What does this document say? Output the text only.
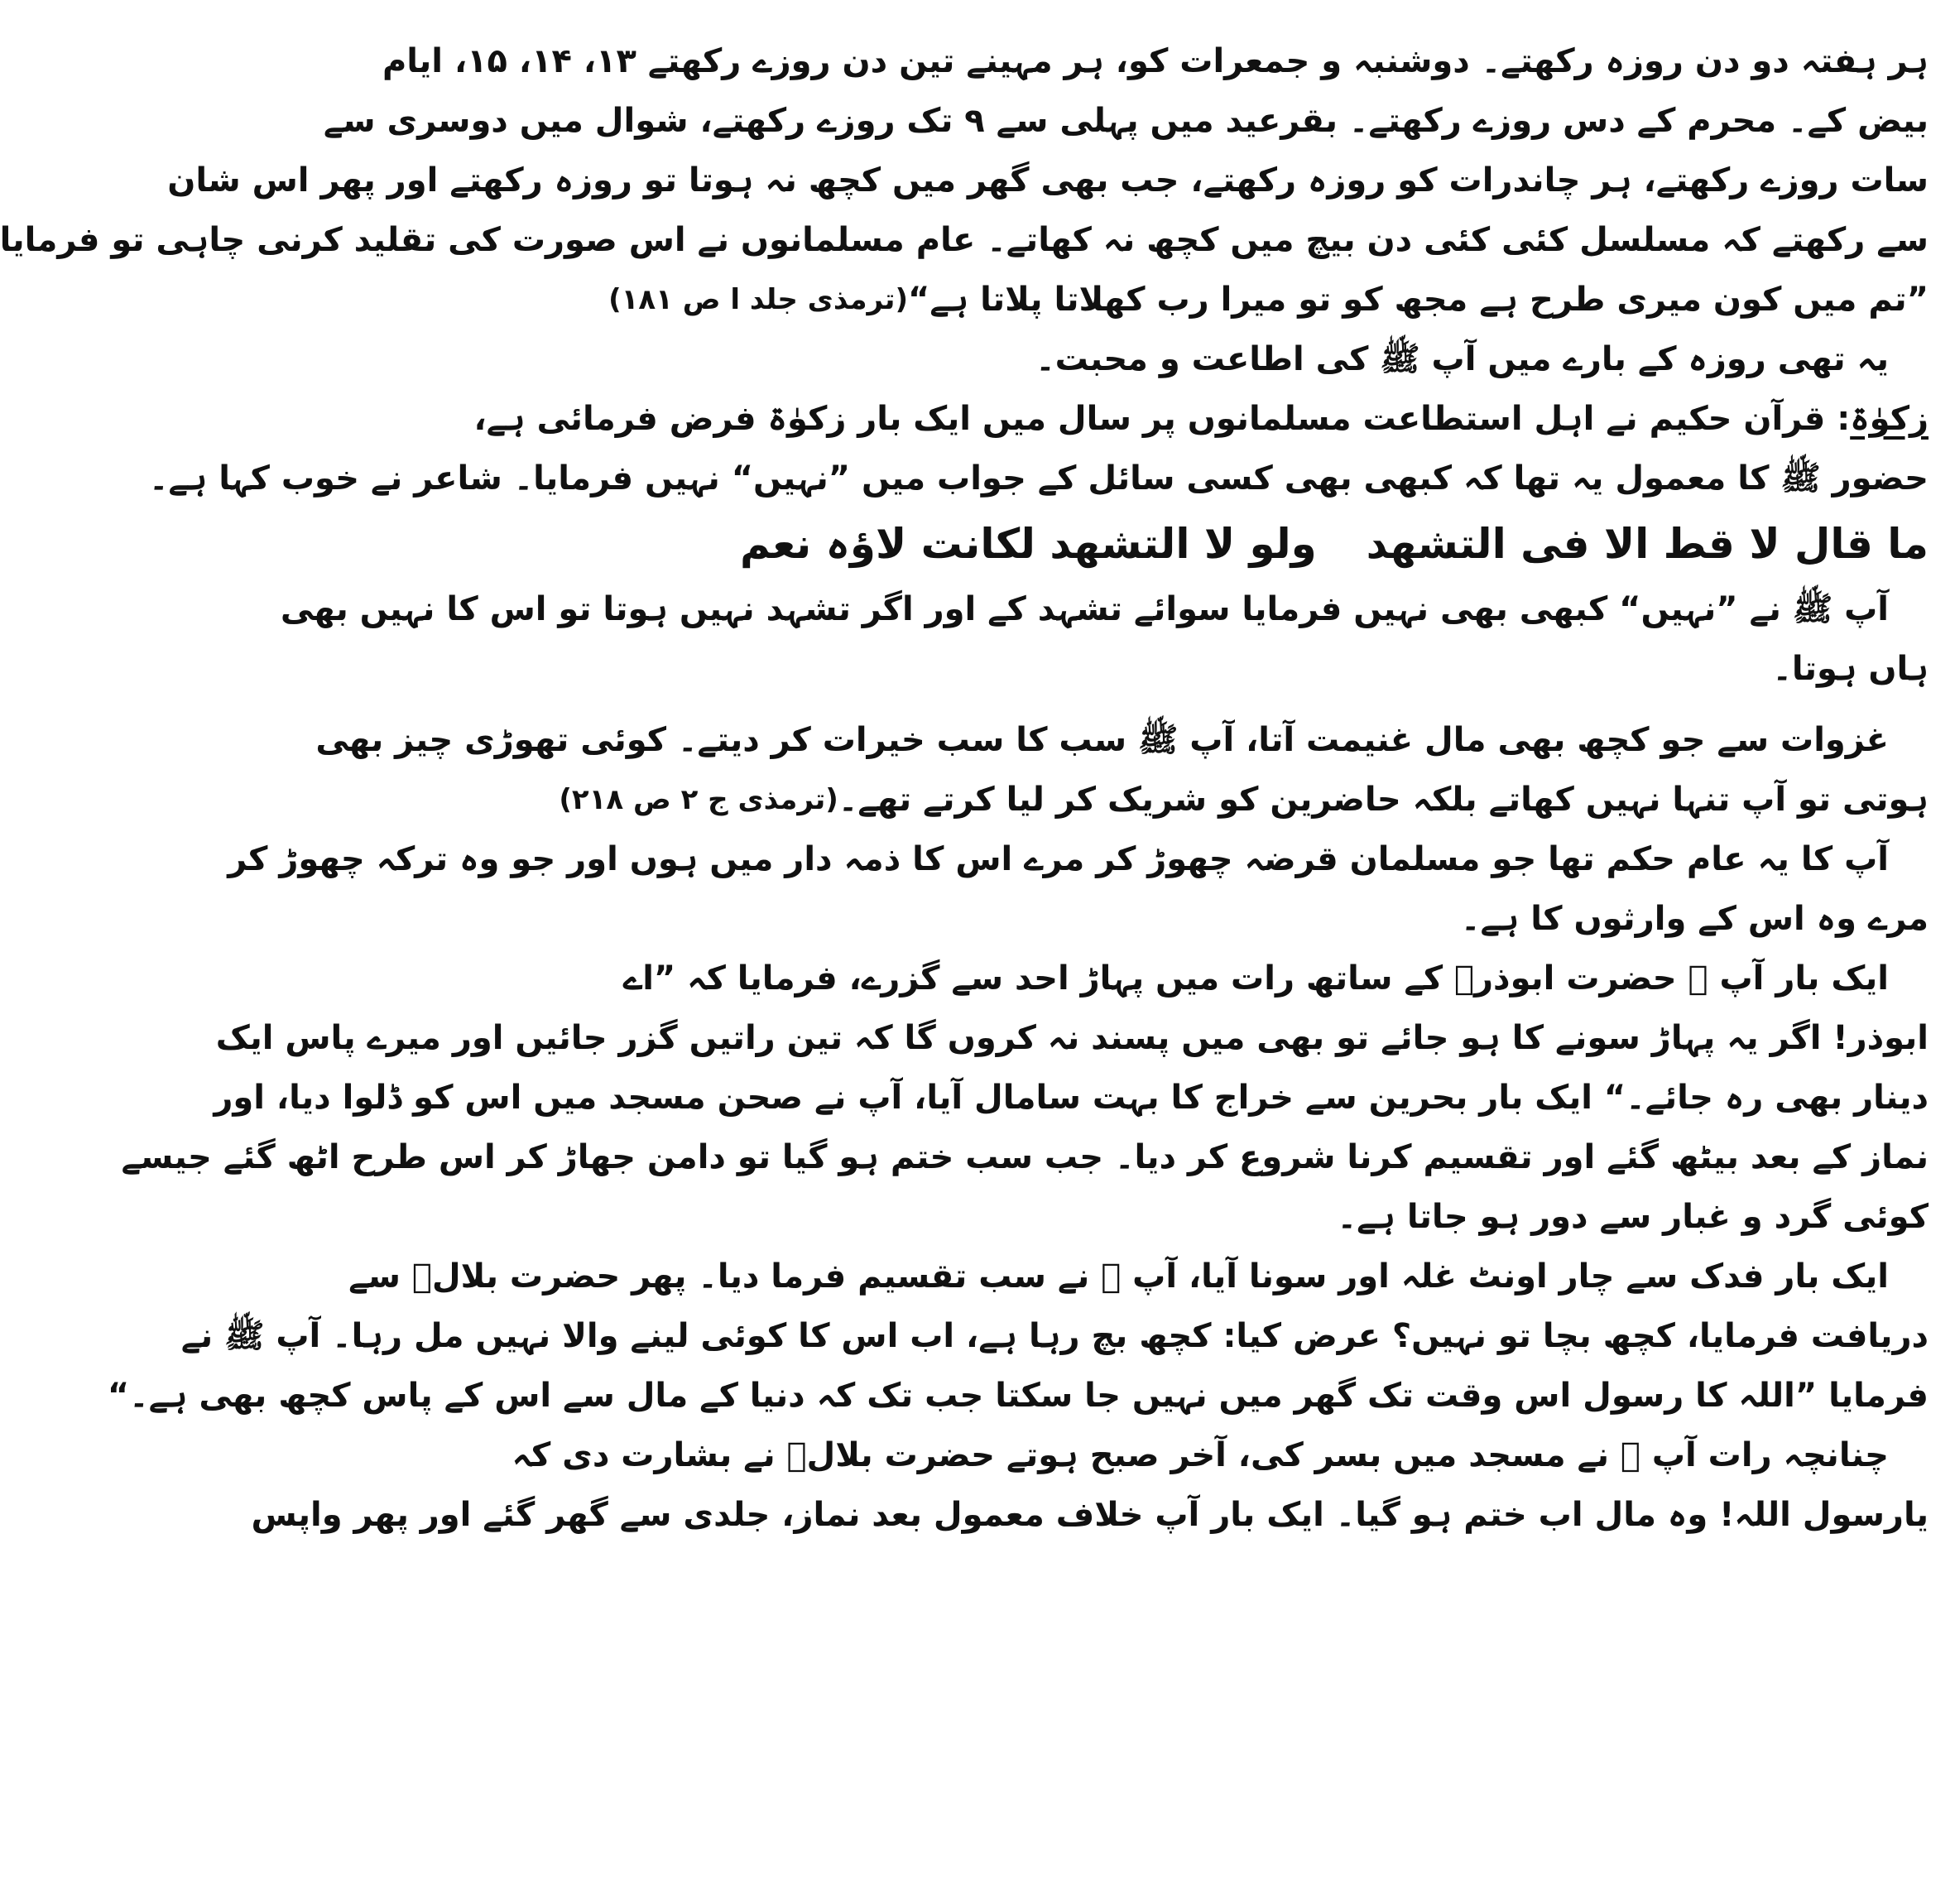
ہر ہفتہ دو دن روزہ رکھتے۔ دوشنبہ و جمعرات کو، ہر مہینے تین دن روزے رکھتے ۱۳، ۱۴، ۱۵، ایام
بیض کے۔ محرم کے دس روزے رکھتے۔ بقرعید میں پہلی سے ۹ تک روزے رکھتے، شوال میں دوسری سے
سات روزے رکھتے، ہر چاندرات کو روزہ رکھتے، جب بھی گھر میں کچھ نہ ہوتا تو روزہ رکھتے اور پھر اس شان
سے رکھتے کہ مسلسل کئی کئی دن بیچ میں کچھ نہ کھاتے۔ عام مسلمانوں نے اس صورت کی تقلید کرنی چاہی تو فرمایا
”تم میں کون میری طرح ہے مجھ کو تو میرا رب کھلاتا پلاتا ہے“
(ترمذی جلد ا ص ۱۸۱)
یہ تھی روزہ کے بارے میں آپ ﷺ کی اطاعت و محبت۔
زکوٰۃ: قرآن حکیم نے اہل استطاعت مسلمانوں پر سال میں ایک بار زکوٰۃ فرض فرمائی ہے،
حضور ﷺ کا معمول یہ تھا کہ کبھی بھی کسی سائل کے جواب میں ”نہیں“ نہیں فرمایا۔ شاعر نے خوب کہا ہے۔
ما قال لا قط الا فی التشھد
ولو لا التشھد لکانت لاؤہ نعم
آپ ﷺ نے ”نہیں“ کبھی بھی نہیں فرمایا سوائے تشہد کے اور اگر تشہد نہیں ہوتا تو اس کا نہیں بھی
ہاں ہوتا۔
غزوات سے جو کچھ بھی مال غنیمت آتا، آپ ﷺ سب کا سب خیرات کر دیتے۔ کوئی تھوڑی چیز بھی
ہوتی تو آپ تنہا نہیں کھاتے بلکہ حاضرین کو شریک کر لیا کرتے تھے۔
(ترمذی ج ۲ ص ۲۱۸)
آپ کا یہ عام حکم تھا جو مسلمان قرضہ چھوڑ کر مرے اس کا ذمہ دار میں ہوں اور جو وہ ترکہ چھوڑ کر
مرے وہ اس کے وارثوں کا ہے۔
ایک بار آپ ﷺ حضرت ابوذرؓ کے ساتھ رات میں پہاڑ احد سے گزرے، فرمایا کہ ”اے
ابوذر! اگر یہ پہاڑ سونے کا ہو جائے تو بھی میں پسند نہ کروں گا کہ تین راتیں گزر جائیں اور میرے پاس ایک
دینار بھی رہ جائے۔“ ایک بار بحرین سے خراج کا بہت سامال آیا، آپ نے صحن مسجد میں اس کو ڈلوا دیا، اور
نماز کے بعد بیٹھ گئے اور تقسیم کرنا شروع کر دیا۔ جب سب ختم ہو گیا تو دامن جھاڑ کر اس طرح اٹھ گئے جیسے
کوئی گرد و غبار سے دور ہو جاتا ہے۔
ایک بار فدک سے چار اونٹ غلہ اور سونا آیا، آپ ﷺ نے سب تقسیم فرما دیا۔ پھر حضرت بلالؓ سے
دریافت فرمایا، کچھ بچا تو نہیں؟ عرض کیا: کچھ بچ رہا ہے، اب اس کا کوئی لینے والا نہیں مل رہا۔ آپ ﷺ نے
فرمایا ”اللہ کا رسول اس وقت تک گھر میں نہیں جا سکتا جب تک کہ دنیا کے مال سے اس کے پاس کچھ بھی ہے۔“
چنانچہ رات آپ ﷺ نے مسجد میں بسر کی، آخر صبح ہوتے حضرت بلالؓ نے بشارت دی کہ
یارسول اللہ! وہ مال اب ختم ہو گیا۔ ایک بار آپ خلاف معمول بعد نماز، جلدی سے گھر گئے اور پھر واپس
